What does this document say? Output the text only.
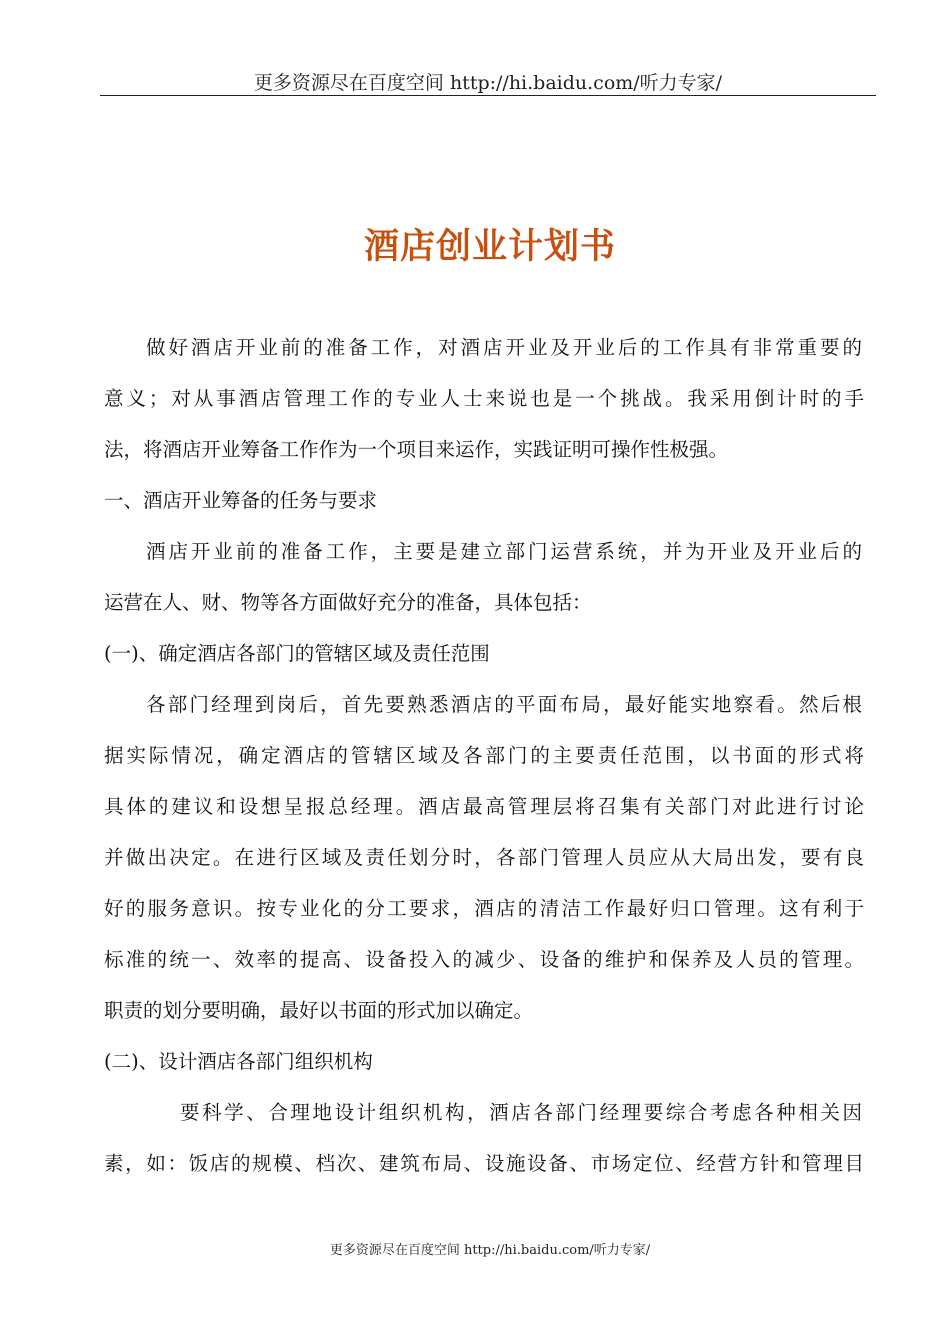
更多资源尽在百度空间 http://hi.baidu.com/听力专家/
酒店创业计划书
做好酒店开业前的准备工作，对酒店开业及开业后的工作具有非常重要的
意义；对从事酒店管理工作的专业人士来说也是一个挑战。我采用倒计时的手
法，将酒店开业筹备工作作为一个项目来运作，实践证明可操作性极强。
一、酒店开业筹备的任务与要求
酒店开业前的准备工作，主要是建立部门运营系统，并为开业及开业后的
运营在人、财、物等各方面做好充分的准备，具体包括：
(一)、确定酒店各部门的管辖区域及责任范围
各部门经理到岗后，首先要熟悉酒店的平面布局，最好能实地察看。然后根
据实际情况，确定酒店的管辖区域及各部门的主要责任范围，以书面的形式将
具体的建议和设想呈报总经理。酒店最高管理层将召集有关部门对此进行讨论
并做出决定。在进行区域及责任划分时，各部门管理人员应从大局出发，要有良
好的服务意识。按专业化的分工要求，酒店的清洁工作最好归口管理。这有利于
标准的统一、效率的提高、设备投入的减少、设备的维护和保养及人员的管理。
职责的划分要明确，最好以书面的形式加以确定。
(二)、设计酒店各部门组织机构
要科学、合理地设计组织机构，酒店各部门经理要综合考虑各种相关因
素，如：饭店的规模、档次、建筑布局、设施设备、市场定位、经营方针和管理目
更多资源尽在百度空间 http://hi.baidu.com/听力专家/
